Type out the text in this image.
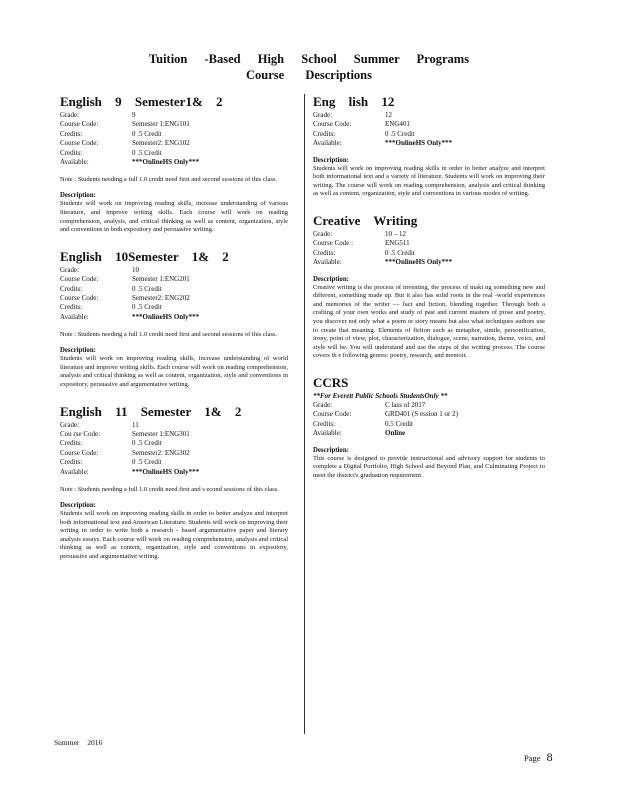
Tuition -Based High School Summer Programs
Course Descriptions
English 9 Semester1& 2
Grade:	9
Course Code:	Semester 1:ENG101
Credits:	0 .5 Credit
Course Code:	Semester2: ENG102
Credits:	0 .5 Credit
Available:	***OnlineHS Only***
Note : Students needing a full 1.0 credit need first and second sessions of this class.
Description:
Students will work on improving reading skills, increase understanding of various literature, and improve writing skills. Each course will work on reading comprehension, analysis, and critical thinking as well as content, organization, style and conventions in both expository and persuasive writing.
English 10Semester 1& 2
Grade:	10
Course Code:	Semester 1:ENG201
Credits:	0 .5 Credit
Course Code:	Semester2: ENG202
Credits:	0 .5 Credit
Available:	***OnlineHS Only***
Note : Students needing a full 1.0 credit need first and second sessions of this class.
Description:
Students will work on improving reading skills, increase understanding of world literature and improve writing skills. Each course will work on reading comprehension, analysis and critical thinking as well as content, organization, style and conventions in expository, persuasive and argumentative writing.
English 11 Semester 1& 2
Grade:	11
Cou rse Code:	Semester 1:ENG301
Credits:	0 .5 Credit
Course Code:	Semester2: ENG302
Credits:	0 .5 Credit
Available:	***OnlineHS Only***
Note : Students needing a full 1.0 credit need first and s econd sessions of this class.
Description:
Students will work on improving reading skills in order to better analyze and interpret both informational text and American Literature. Students will work on improving their writing in order to write both a research - based argumentative paper and literary analysis essays. Each course will work on reading comprehension, analysis and critical thinking as well as content, organization, style and conventions in expository, persuasive and argumentative writing.
Eng lish 12
Grade:	12
Course Code:	ENG401
Credits:	0 .5 Credit
Available:	***OnlineHS Only***
Description:
Students will work on improving reading skills in order to better analyze and interpret both informational text and a variety of literature. Students will work on improving their writing. The course will work on reading comprehension, analysis and critical thinking as well as content, organization, style and conventions in various modes of writing.
Creative Writing
Grade:	10 – 12
Course Code :	ENG511
Credits:	0 .5 Credit
Available:	***OnlineHS Only***
Description:
Creative writing is the process of inventing, the process of maki ng something new and different, something made up. But it also has solid roots in the real -world experiences and memories of the writer — fact and fiction, blending together. Through both a crafting of your own works and study of past and current masters of prose and poetry, you discover not only what a poem or story means but also what techniques authors use to create that meaning. Elements of fiction such as metaphor, simile, personification, irony, point of view, plot, characterization, dialogue, scene, narration, theme, voice, and style will be. You will understand and use the steps of the writing process. The course covers th e following genres: poetry, research, and memoir.
CCRS
**For Everett Public Schools StudentsOnly **
Grade:	C lass of 2017
Course Code:	GRD401 (S ession 1 or 2)
Credits:	0.5 Credit
Available:	Online
Description:
This course is designed to provide instructional and advisory support for students to complete a Digital Portfolio, High School and Beyond Plan, and Culminating Project to meet the district's graduation requirement.
Summer 2016
Page 8
